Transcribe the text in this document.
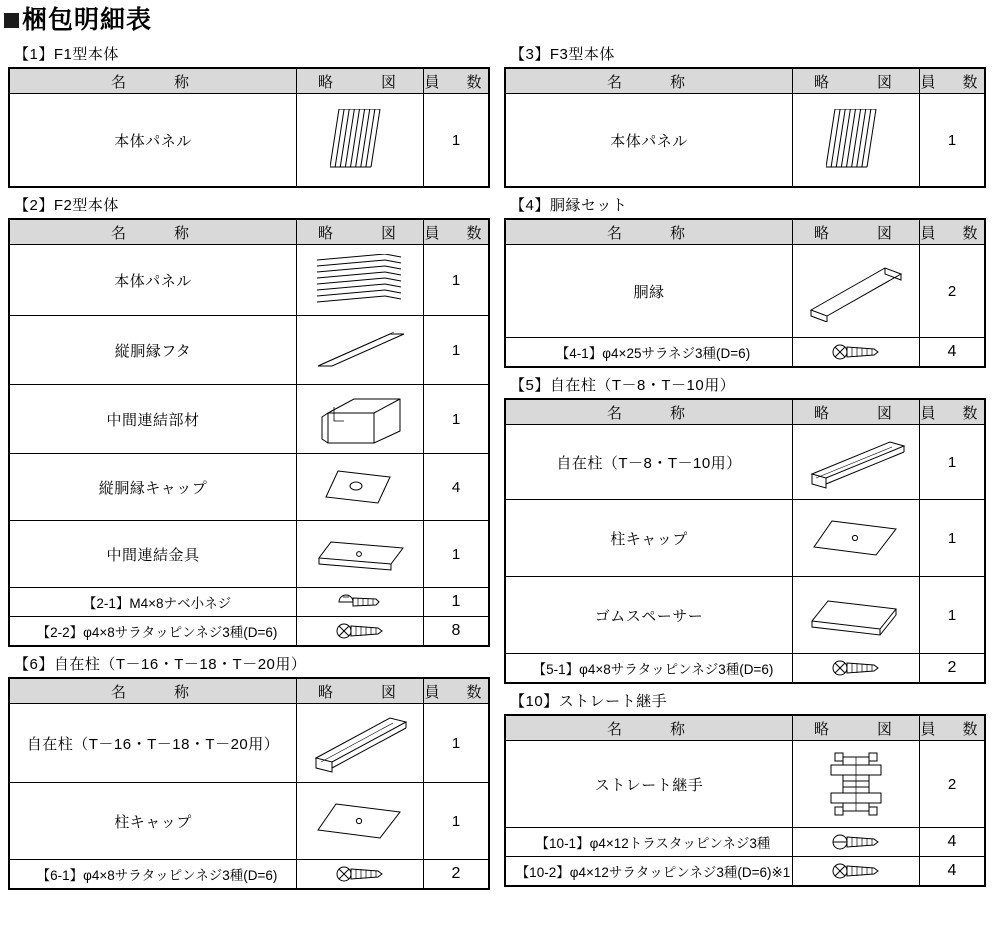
梱包明細表
【1】F1型本体
名　　称	略　　図	員　数
本体パネル		1
【2】F2型本体
名　　称	略　　図	員　数
本体パネル		1
縦胴縁フタ		1
中間連結部材		1
縦胴縁キャップ		4
中間連結金具		1
【2-1】M4×8ナベ小ネジ		1
【2-2】φ4×8サラタッピンネジ3種(D=6)		8
【6】自在柱（T－16・T－18・T－20用）
名　　称	略　　図	員　数
自在柱（T－16・T－18・T－20用）		1
柱キャップ		1
【6-1】φ4×8サラタッピンネジ3種(D=6)		2
【3】F3型本体
名　　称	略　　図	員　数
本体パネル		1
【4】胴縁セット
名　　称	略　　図	員　数
胴縁		2
【4-1】φ4×25サラネジ3種(D=6)		4
【5】自在柱（T－8・T－10用）
名　　称	略　　図	員　数
自在柱（T－8・T－10用）		1
柱キャップ		1
ゴムスペーサー		1
【5-1】φ4×8サラタッピンネジ3種(D=6)		2
【10】ストレート継手
名　　称	略　　図	員　数
ストレート継手		2
【10-1】φ4×12トラスタッピンネジ3種		4
【10-2】φ4×12サラタッピンネジ3種(D=6)※1		4
